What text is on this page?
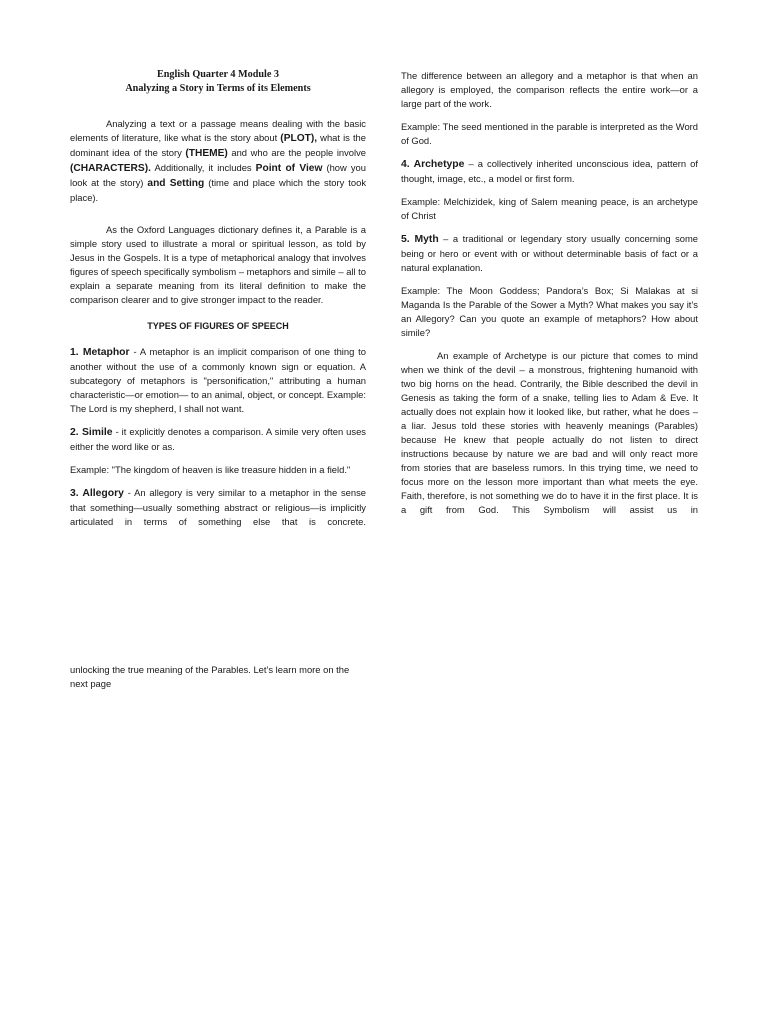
English Quarter 4 Module 3

Analyzing a Story in Terms of its Elements

Analyzing a text or a passage means dealing with the basic elements of literature, like what is the story about (PLOT), what is the dominant idea of the story (THEME) and who are the people involve (CHARACTERS). Additionally, it includes Point of View (how you look at the story) and Setting (time and place which the story took place).

As the Oxford Languages dictionary defines it, a Parable is a simple story used to illustrate a moral or spiritual lesson, as told by Jesus in the Gospels. It is a type of metaphorical analogy that involves figures of speech specifically symbolism – metaphors and simile – all to explain a separate meaning from its literal definition to make the comparison clearer and to give stronger impact to the reader.

TYPES OF FIGURES OF SPEECH

1. Metaphor - A metaphor is an implicit comparison of one thing to another without the use of a commonly known sign or equation. A subcategory of metaphors is "personification," attributing a human characteristic—or emotion— to an animal, object, or concept. Example: The Lord is my shepherd, I shall not want.

2. Simile - it explicitly denotes a comparison. A simile very often uses either the word like or as.

Example: "The kingdom of heaven is like treasure hidden in a field."

3. Allegory - An allegory is very similar to a metaphor in the sense that something—usually something abstract or religious—is implicitly articulated in terms of something else that is concrete.

unlocking the true meaning of the Parables. Let’s learn more on the next page

The difference between an allegory and a metaphor is that when an allegory is employed, the comparison reflects the entire work—or a large part of the work.

Example: The seed mentioned in the parable is interpreted as the Word of God.

4. Archetype – a collectively inherited unconscious idea, pattern of thought, image, etc., a model or first form.

Example: Melchizidek, king of Salem meaning peace, is an archetype of Christ

5. Myth – a traditional or legendary story usually concerning some being or hero or event with or without determinable basis of fact or a natural explanation.

Example: The Moon Goddess; Pandora’s Box; Si Malakas at si Maganda Is the Parable of the Sower a Myth? What makes you say it’s an Allegory? Can you quote an example of metaphors? How about simile?

An example of Archetype is our picture that comes to mind when we think of the devil – a monstrous, frightening humanoid with two big horns on the head. Contrarily, the Bible described the devil in Genesis as taking the form of a snake, telling lies to Adam & Eve. It actually does not explain how it looked like, but rather, what he does – a liar. Jesus told these stories with heavenly meanings (Parables) because He knew that people actually do not listen to direct instructions because by nature we are bad and will only react more from stories that are baseless rumors. In this trying time, we need to focus more on the lesson more important than what meets the eye. Faith, therefore, is not something we do to have it in the first place. It is a gift from God. This Symbolism will assist us in
